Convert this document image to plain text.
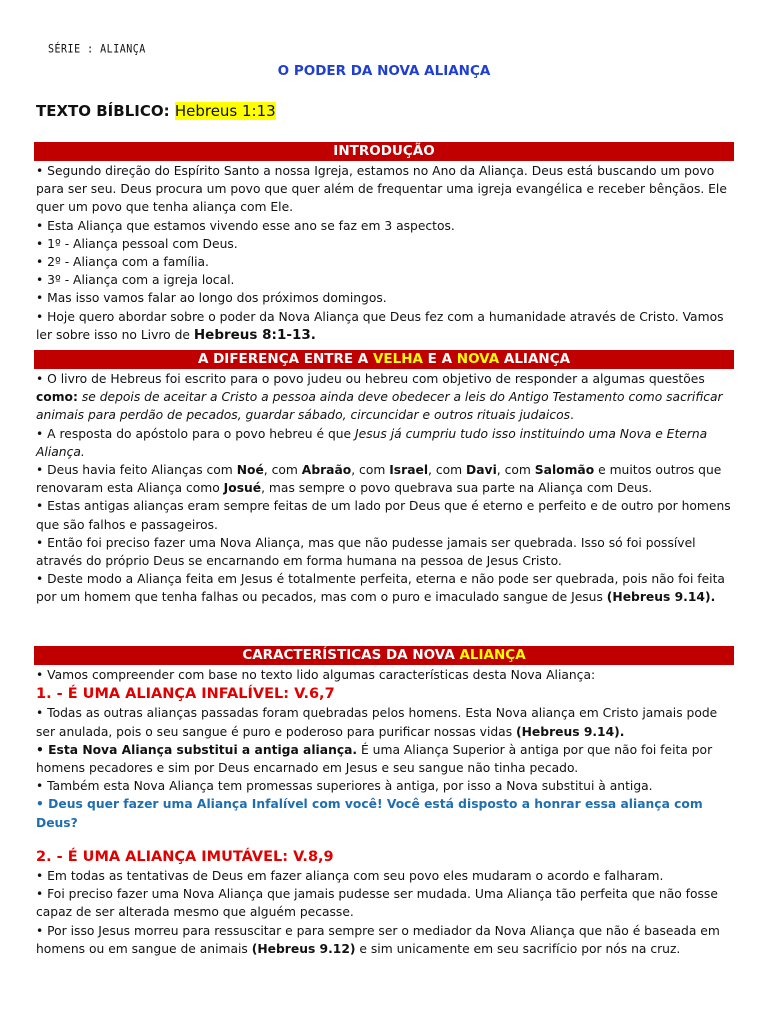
SÉRIE : ALIANÇA
O PODER DA NOVA ALIANÇA
TEXTO BÍBLICO: Hebreus 1:13
INTRODUÇÃO

• Segundo direção do Espírito Santo a nossa Igreja, estamos no Ano da Aliança. Deus está buscando um povo para ser seu. Deus procura um povo que quer além de frequentar uma igreja evangélica e receber bênçãos. Ele quer um povo que tenha aliança com Ele.

• Esta Aliança que estamos vivendo esse ano se faz em 3 aspectos.

• 1º - Aliança pessoal com Deus.

• 2º - Aliança com a família.

• 3º - Aliança com a igreja local.

• Mas isso vamos falar ao longo dos próximos domingos.

• Hoje quero abordar sobre o poder da Nova Aliança que Deus fez com a humanidade através de Cristo. Vamos ler sobre isso no Livro de Hebreus 8:1-13.

A DIFERENÇA ENTRE A VELHA E A NOVA ALIANÇA

• O livro de Hebreus foi escrito para o povo judeu ou hebreu com objetivo de responder a algumas questões como: se depois de aceitar a Cristo a pessoa ainda deve obedecer a leis do Antigo Testamento como sacrificar animais para perdão de pecados, guardar sábado, circuncidar e outros rituais judaicos.

• A resposta do apóstolo para o povo hebreu é que Jesus já cumpriu tudo isso instituindo uma Nova e Eterna Aliança.

• Deus havia feito Alianças com Noé, com Abraão, com Israel, com Davi, com Salomão e muitos outros que renovaram esta Aliança como Josué, mas sempre o povo quebrava sua parte na Aliança com Deus.

• Estas antigas alianças eram sempre feitas de um lado por Deus que é eterno e perfeito e de outro por homens que são falhos e passageiros.

• Então foi preciso fazer uma Nova Aliança, mas que não pudesse jamais ser quebrada. Isso só foi possível através do próprio Deus se encarnando em forma humana na pessoa de Jesus Cristo.

• Deste modo a Aliança feita em Jesus é totalmente perfeita, eterna e não pode ser quebrada, pois não foi feita por um homem que tenha falhas ou pecados, mas com o puro e imaculado sangue de Jesus (Hebreus 9.14).

CARACTERÍSTICAS DA NOVA ALIANÇA

• Vamos compreender com base no texto lido algumas características desta Nova Aliança:

1. - É UMA ALIANÇA INFALÍVEL: V.6,7

• Todas as outras alianças passadas foram quebradas pelos homens. Esta Nova aliança em Cristo jamais pode ser anulada, pois o seu sangue é puro e poderoso para purificar nossas vidas (Hebreus 9.14).

• Esta Nova Aliança substitui a antiga aliança. É uma Aliança Superior à antiga por que não foi feita por homens pecadores e sim por Deus encarnado em Jesus e seu sangue não tinha pecado.

• Também esta Nova Aliança tem promessas superiores à antiga, por isso a Nova substitui à antiga.

• Deus quer fazer uma Aliança Infalível com você! Você está disposto a honrar essa aliança com Deus?

2. - É UMA ALIANÇA IMUTÁVEL: V.8,9

• Em todas as tentativas de Deus em fazer aliança com seu povo eles mudaram o acordo e falharam.

• Foi preciso fazer uma Nova Aliança que jamais pudesse ser mudada. Uma Aliança tão perfeita que não fosse capaz de ser alterada mesmo que alguém pecasse.

• Por isso Jesus morreu para ressuscitar e para sempre ser o mediador da Nova Aliança que não é baseada em homens ou em sangue de animais (Hebreus 9.12) e sim unicamente em seu sacrifício por nós na cruz.
